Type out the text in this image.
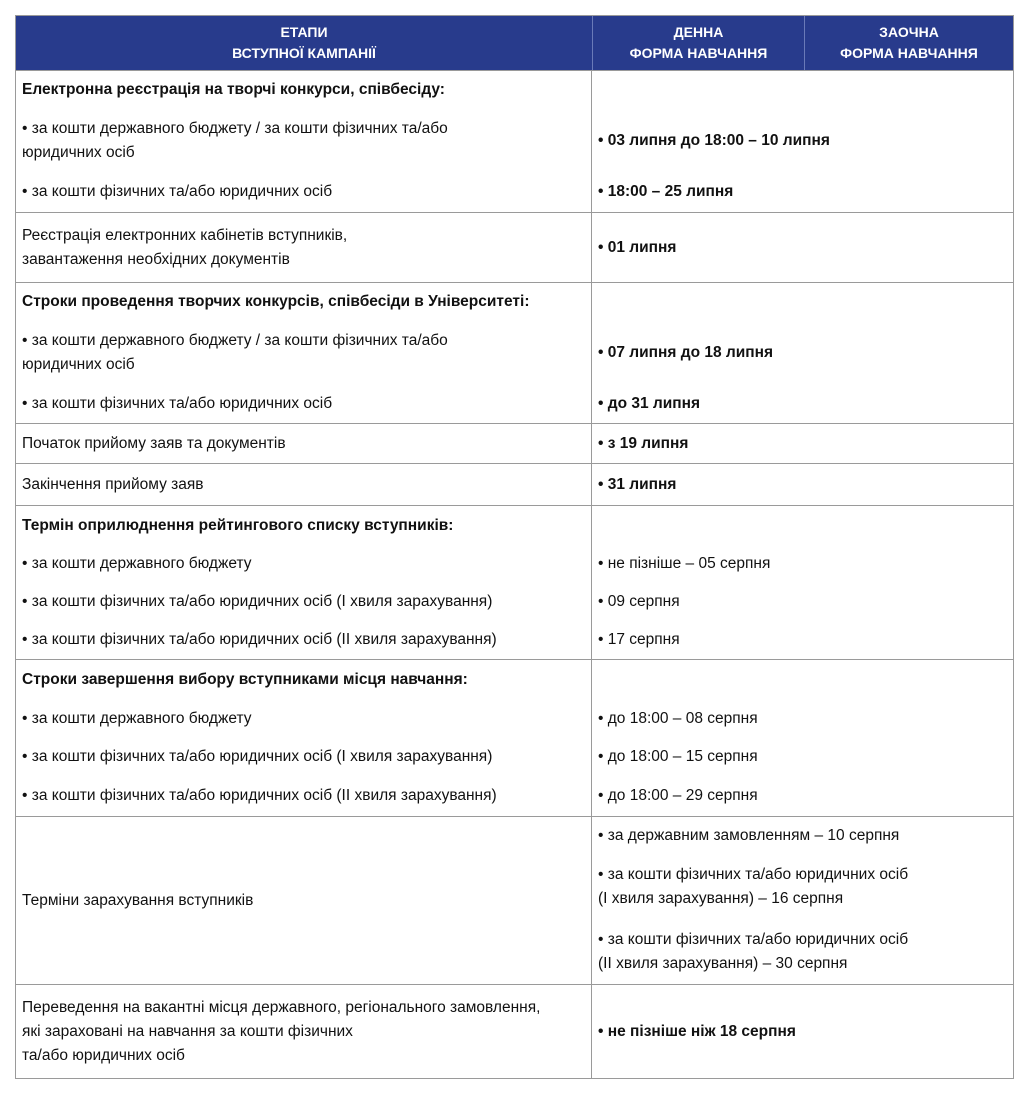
ЕТАПИ
ВСТУПНОЇ КАМПАНІЇ
ДЕННА
ФОРМА НАВЧАННЯ
ЗАОЧНА
ФОРМА НАВЧАННЯ
Електронна реєстрація на творчі конкурси, співбесіду:
• за кошти державного бюджету / за кошти фізичних та/або
юридичних осіб
• за кошти фізичних та/або юридичних осіб
• 03 липня до 18:00 – 10 липня
• 18:00 – 25 липня
Реєстрація електронних кабінетів вступників,
завантаження необхідних документів
• 01 липня
Строки проведення творчих конкурсів, співбесіди в Університеті:
• за кошти державного бюджету / за кошти фізичних та/або
юридичних осіб
• за кошти фізичних та/або юридичних осіб
• 07 липня до 18 липня
• до 31 липня
Початок прийому заяв та документів	• з 19 липня
Закінчення прийому заяв	• 31 липня
Термін оприлюднення рейтингового списку вступників:
• за кошти державного бюджету
• за кошти фізичних та/або юридичних осіб (І хвиля зарахування)
• за кошти фізичних та/або юридичних осіб (ІІ хвиля зарахування)
• не пізніше – 05 серпня
• 09 серпня
• 17 серпня
Строки завершення вибору вступниками місця навчання:
• за кошти державного бюджету
• за кошти фізичних та/або юридичних осіб (І хвиля зарахування)
• за кошти фізичних та/або юридичних осіб (ІІ хвиля зарахування)
• до 18:00 – 08 серпня
• до 18:00 – 15 серпня
• до 18:00 – 29 серпня
Терміни зарахування вступників
• за державним замовленням – 10 серпня
• за кошти фізичних та/або юридичних осіб
(І хвиля зарахування) – 16 серпня
• за кошти фізичних та/або юридичних осіб
(ІІ хвиля зарахування) – 30 серпня
Переведення на вакантні місця державного, регіонального замовлення,
які зараховані на навчання за кошти фізичних
та/або юридичних осіб
• не пізніше ніж 18 серпня
